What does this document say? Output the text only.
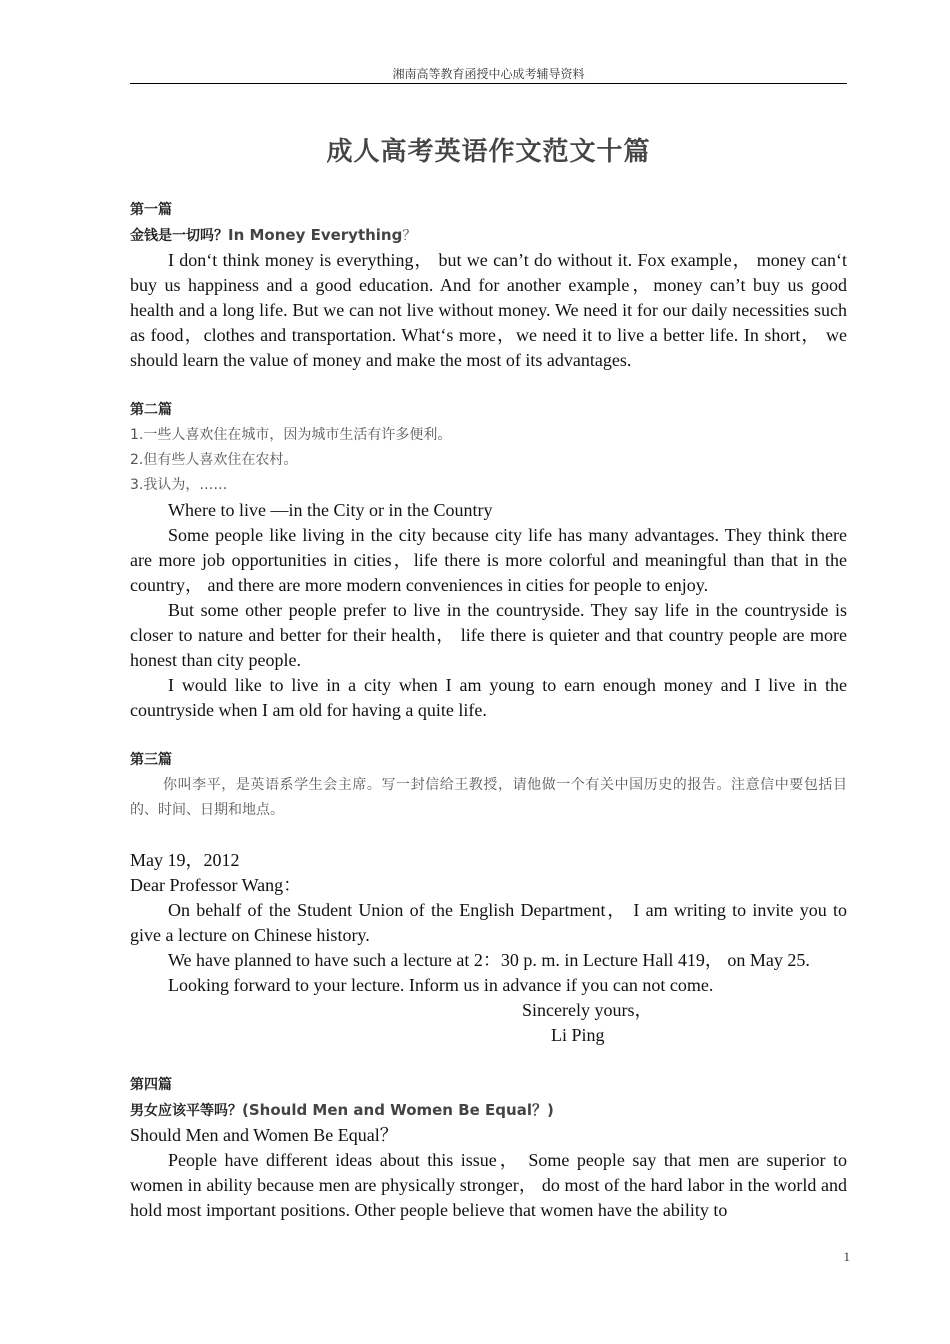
湘南高等教育函授中心成考辅导资料
成人高考英语作文范文十篇
第一篇
金钱是一切吗？In Money Everything？
I don‘t think money is everything， but we can’t do without it. Fox example， money can‘t buy us happiness and a good education. And for another example，money can’t buy us good health and a long life. But we can not live without money. We need it for our daily necessities such as food，clothes and transportation. What‘s more，we need it to live a better life. In short， we should learn the value of money and make the most of its advantages.
第二篇
1.一些人喜欢住在城市，因为城市生活有许多便利。
2.但有些人喜欢住在农村。
3.我认为，……
Where to live —in the City or in the Country
Some people like living in the city because city life has many advantages. They think there are more job opportunities in cities，life there is more colorful and meaningful than that in the country， and there are more modern conveniences in cities for people to enjoy.
But some other people prefer to live in the countryside. They say life in the countryside is closer to nature and better for their health， life there is quieter and that country people are more honest than city people.
I would like to live in a city when I am young to earn enough money and I live in the countryside when I am old for having a quite life.
第三篇
你叫李平，是英语系学生会主席。写一封信给王教授，请他做一个有关中国历史的报告。注意信中要包括目的、时间、日期和地点。
May 19，2012
Dear Professor Wang：
On behalf of the Student Union of the English Department， I am writing to invite you to give a lecture on Chinese history.
We have planned to have such a lecture at 2：30 p. m. in Lecture Hall 419， on May 25.
Looking forward to your lecture. Inform us in advance if you can not come.
Sincerely yours，
Li Ping
第四篇
男女应该平等吗？(Should Men and Women Be Equal？)
Should Men and Women Be Equal？
People have different ideas about this issue， Some people say that men are superior to women in ability because men are physically stronger， do most of the hard labor in the world and hold most important positions. Other people believe that women have the ability to
1
